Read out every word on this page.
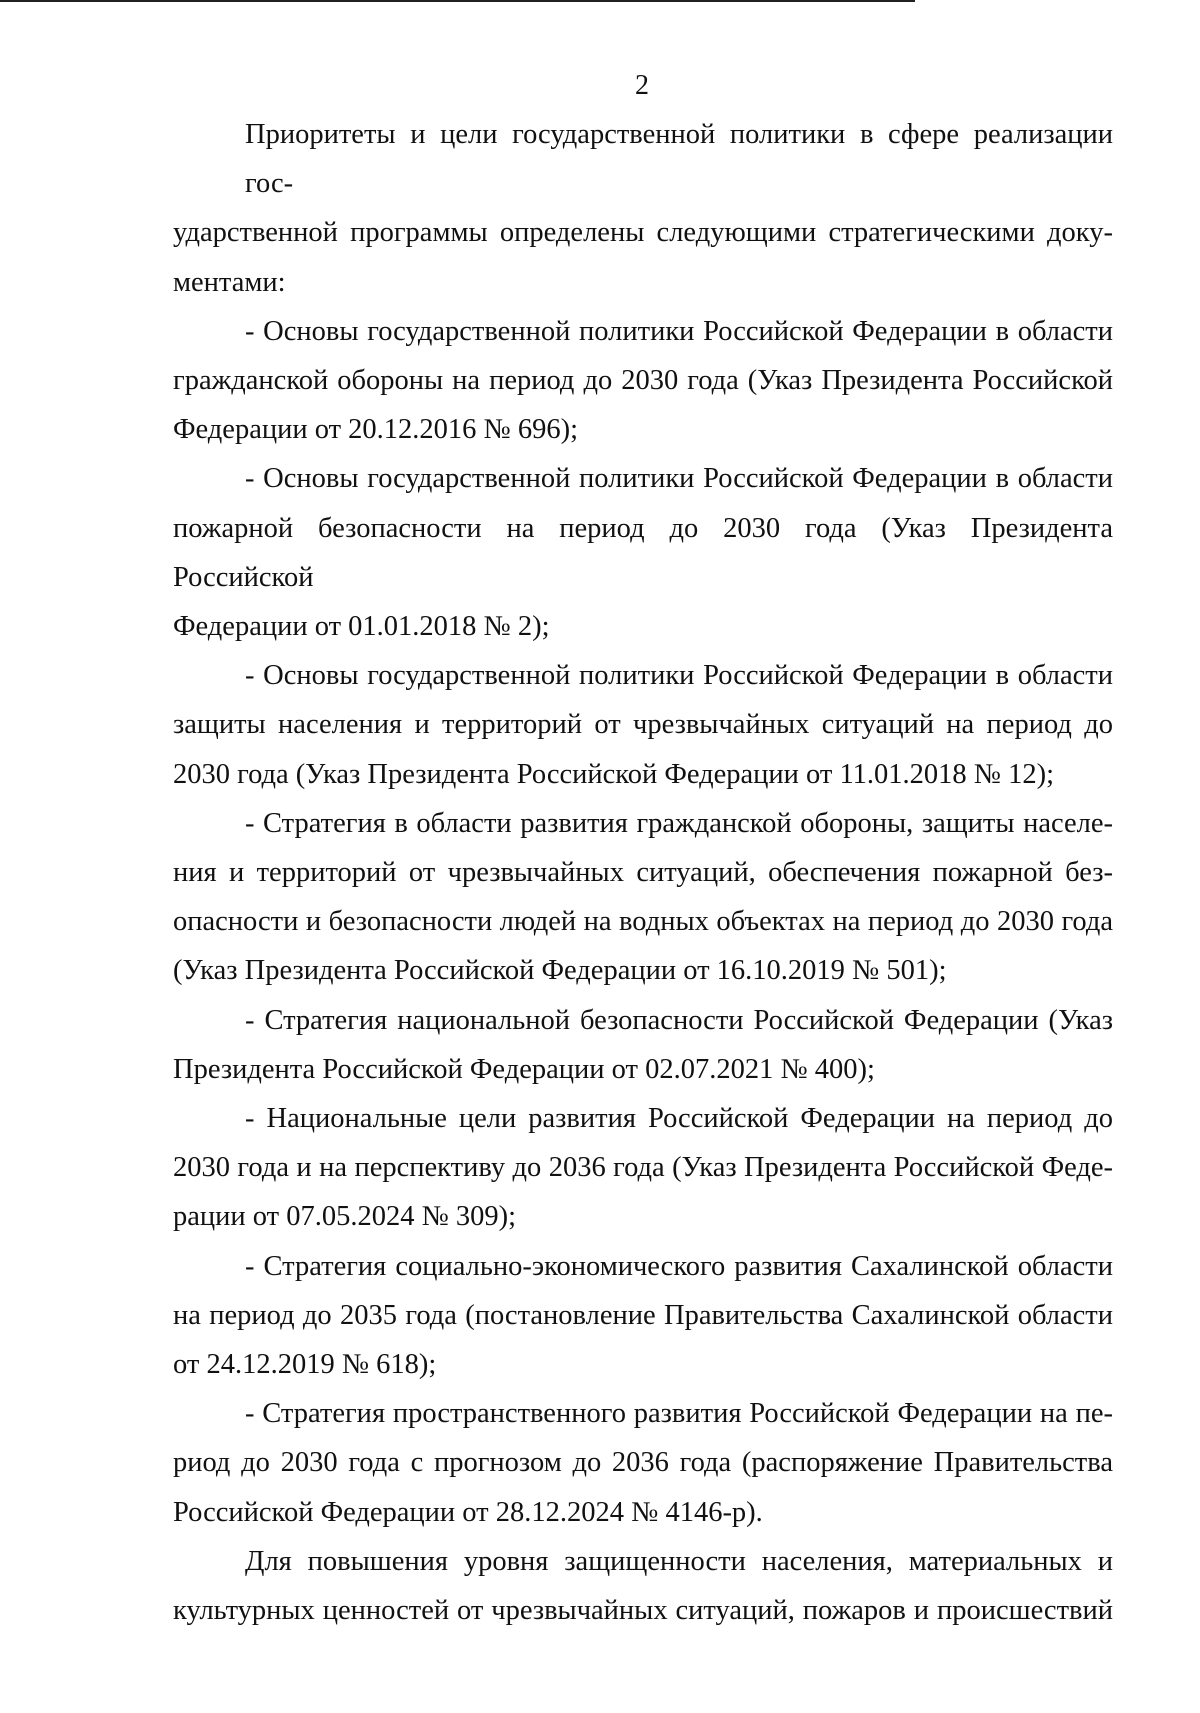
2
Приоритеты и цели государственной политики в сфере реализации гос-
ударственной программы определены следующими стратегическими доку-
ментами:
- Основы государственной политики Российской Федерации в области
гражданской обороны на период до 2030 года (Указ Президента Российской
Федерации от 20.12.2016 № 696);
- Основы государственной политики Российской Федерации в области
пожарной безопасности на период до 2030 года (Указ Президента Российской
Федерации от 01.01.2018 № 2);
- Основы государственной политики Российской Федерации в области
защиты населения и территорий от чрезвычайных ситуаций на период до
2030 года (Указ Президента Российской Федерации от 11.01.2018 № 12);
- Стратегия в области развития гражданской обороны, защиты населе-
ния и территорий от чрезвычайных ситуаций, обеспечения пожарной без-
опасности и безопасности людей на водных объектах на период до 2030 года
(Указ Президента Российской Федерации от 16.10.2019 № 501);
- Стратегия национальной безопасности Российской Федерации (Указ
Президента Российской Федерации от 02.07.2021 № 400);
- Национальные цели развития Российской Федерации на период до
2030 года и на перспективу до 2036 года (Указ Президента Российской Феде-
рации от 07.05.2024 № 309);
- Стратегия социально-экономического развития Сахалинской области
на период до 2035 года (постановление Правительства Сахалинской области
от 24.12.2019 № 618);
- Стратегия пространственного развития Российской Федерации на пе-
риод до 2030 года с прогнозом до 2036 года (распоряжение Правительства
Российской Федерации от 28.12.2024 № 4146-р).
Для повышения уровня защищенности населения, материальных и
культурных ценностей от чрезвычайных ситуаций, пожаров и происшествий
